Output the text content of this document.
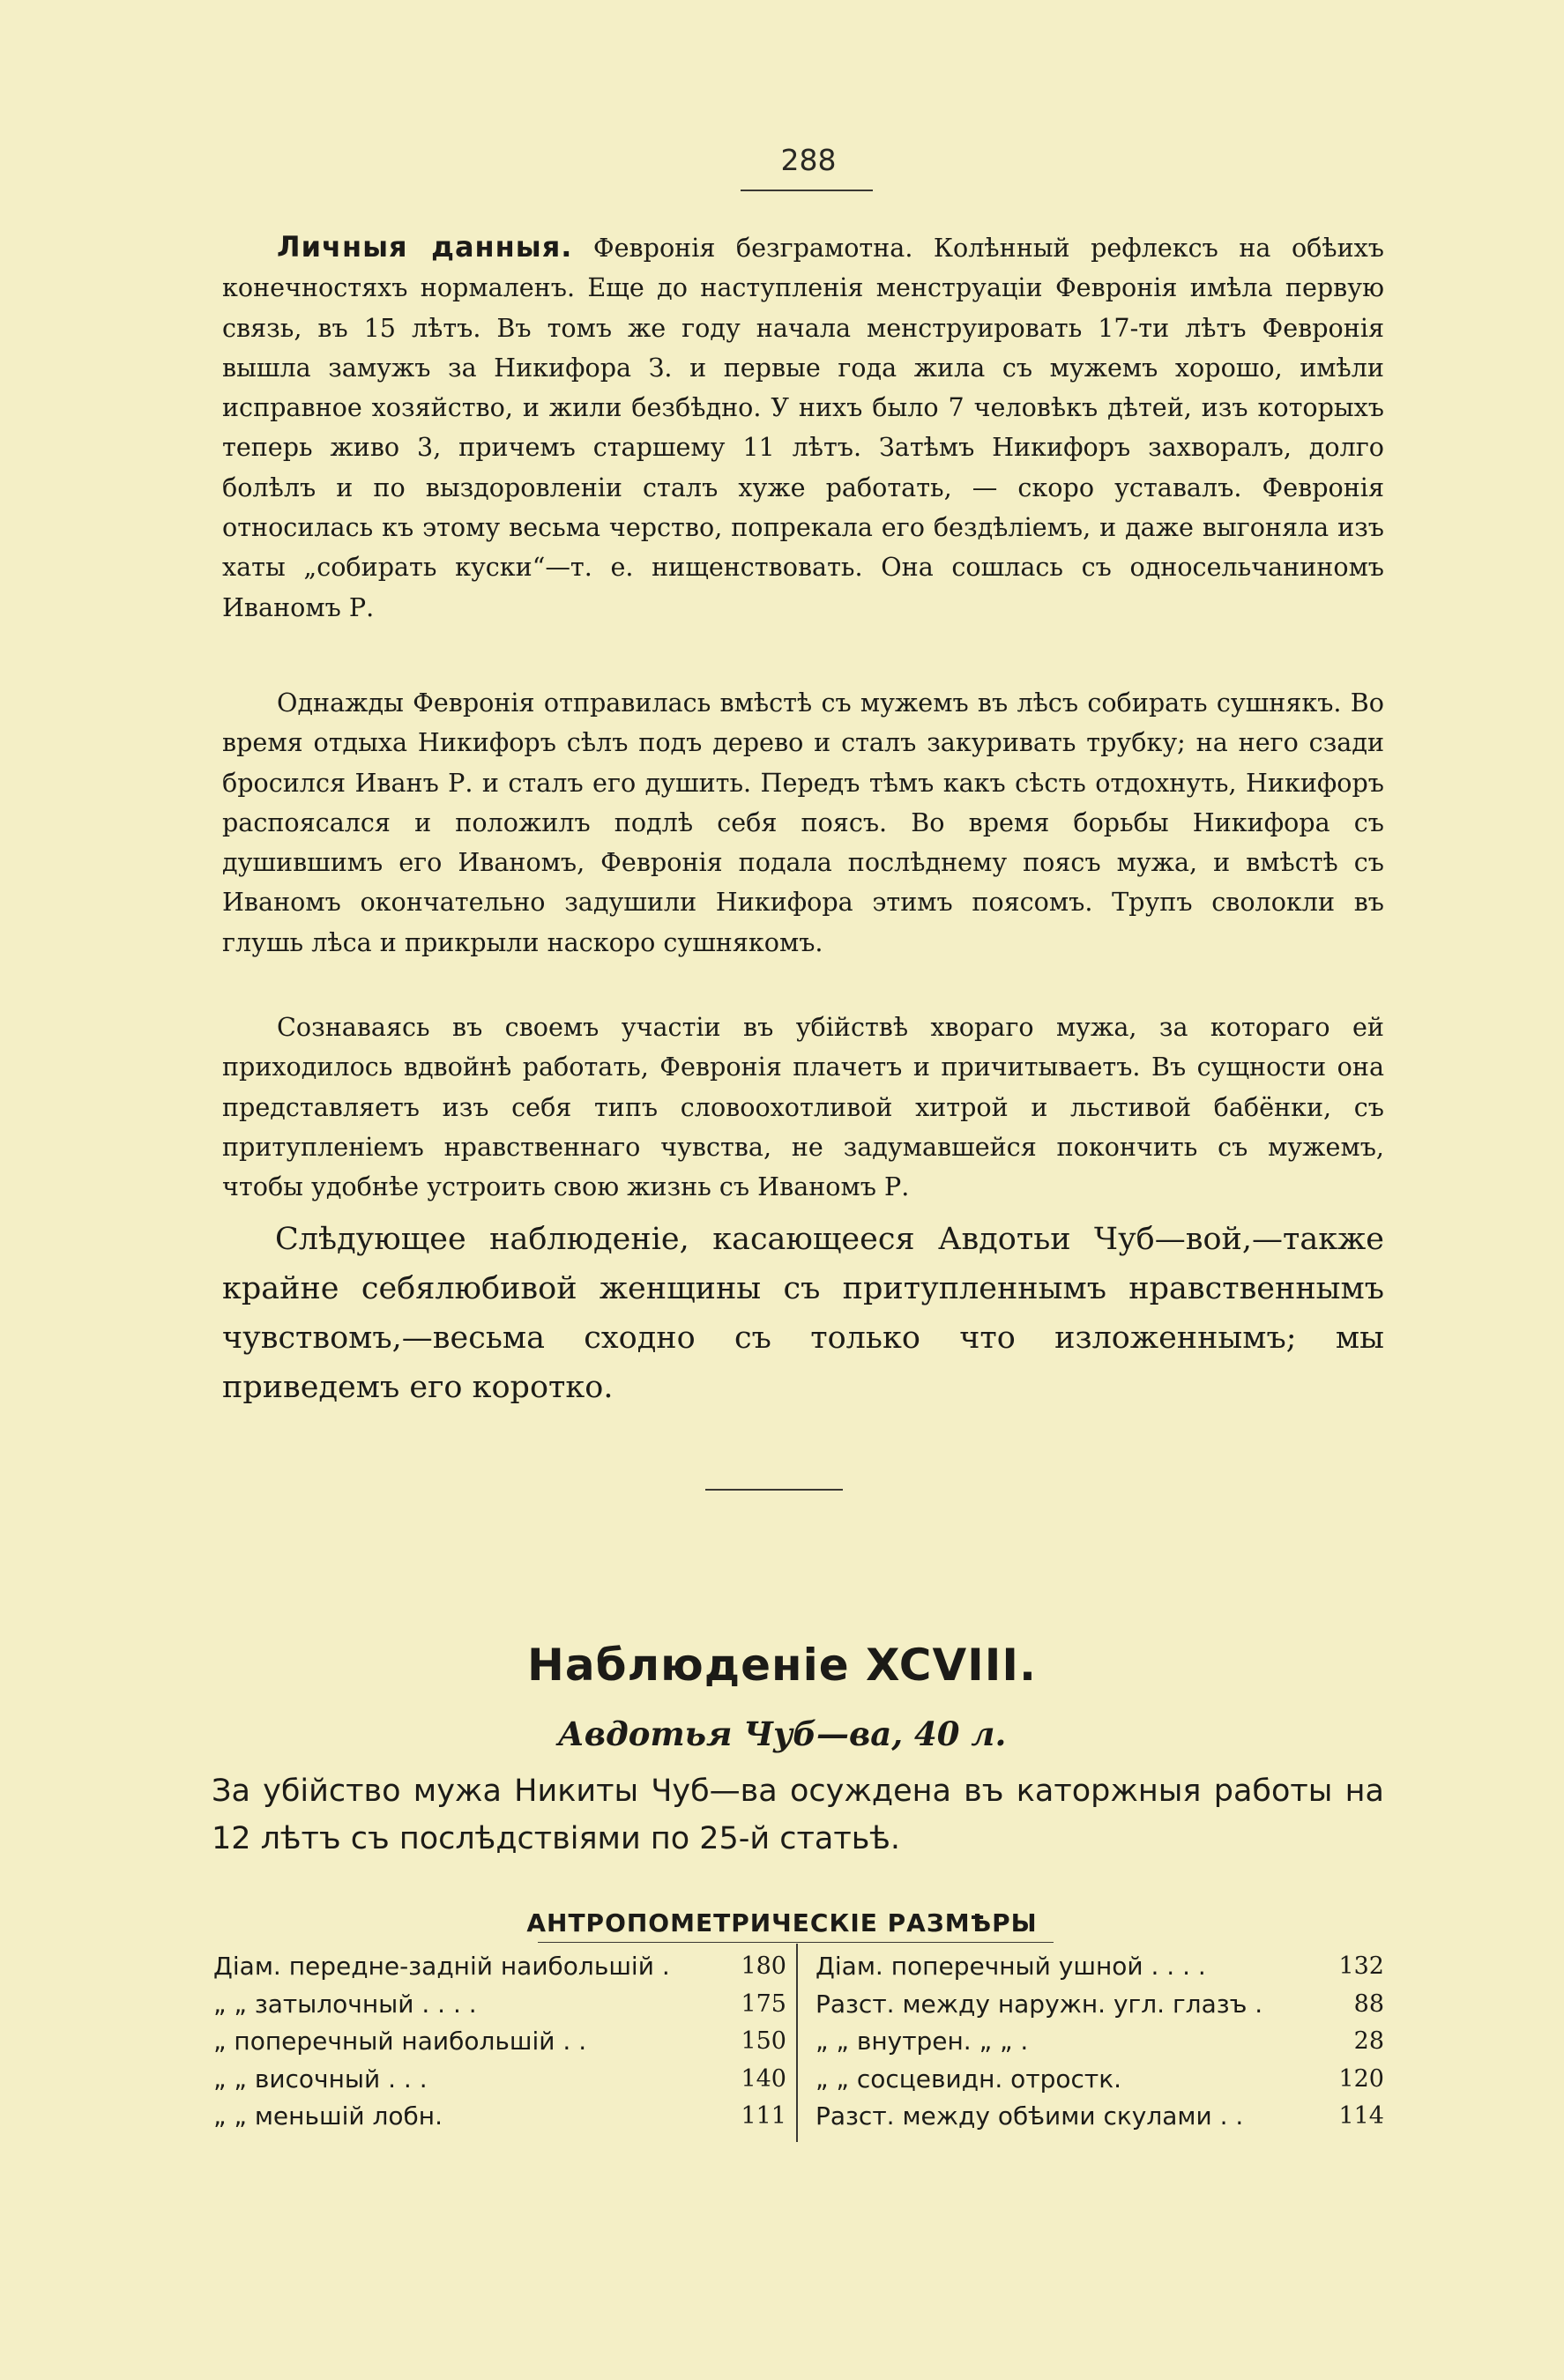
288

Личныя данныя. Февронія безграмотна. Колѣнный рефлексъ на обѣихъ конечностяхъ нормаленъ. Еще до наступленія менструаціи Февронія имѣла первую связь, въ 15 лѣтъ. Въ томъ же году начала менструировать 17-ти лѣтъ Февронія вышла замужъ за Никифора З. и первые года жила съ мужемъ хорошо, имѣли исправное хозяйство, и жили безбѣдно. У нихъ было 7 человѣкъ дѣтей, изъ которыхъ теперь живо 3, причемъ старшему 11 лѣтъ. Затѣмъ Никифоръ захворалъ, долго болѣлъ и по выздоровленіи сталъ хуже работать, — скоро уставалъ. Февронія относилась къ этому весьма черство, попрекала его бездѣліемъ, и даже выгоняла изъ хаты „собирать куски“—т. е. нищенствовать. Она сошлась съ односельчаниномъ Иваномъ Р.

Однажды Февронія отправилась вмѣстѣ съ мужемъ въ лѣсъ собирать сушнякъ. Во время отдыха Никифоръ сѣлъ подъ дерево и сталъ закуривать трубку; на него сзади бросился Иванъ Р. и сталъ его душить. Передъ тѣмъ какъ сѣсть отдохнуть, Никифоръ распоясался и положилъ подлѣ себя поясъ. Во время борьбы Никифора съ душившимъ его Иваномъ, Февронія подала послѣднему поясъ мужа, и вмѣстѣ съ Иваномъ окончательно задушили Никифора этимъ поясомъ. Трупъ сволокли въ глушь лѣса и прикрыли наскоро сушнякомъ.

Сознаваясь въ своемъ участіи въ убійствѣ хвораго мужа, за котораго ей приходилось вдвойнѣ работать, Февронія плачетъ и причитываетъ. Въ сущности она представляетъ изъ себя типъ словоохотливой хитрой и льстивой бабёнки, съ притупленіемъ нравственнаго чувства, не задумавшейся покончить съ мужемъ, чтобы удобнѣе устроить свою жизнь съ Иваномъ Р.

Слѣдующее наблюденіе, касающееся Авдотьи Чуб—вой,—также крайне себялюбивой женщины съ притупленнымъ нравственнымъ чувствомъ,—весьма сходно съ только что изложеннымъ; мы приведемъ его коротко.

Наблюденіе XCVIII.
Авдотья Чуб—ва, 40 л.

За убійство мужа Никиты Чуб—ва осуждена въ каторжныя работы на 12 лѣтъ съ послѣдствіями по 25-й статьѣ.

АНТРОПОМЕТРИЧЕСКІЕ РАЗМѢРЫ
Діам. передне-задній наибольшій .	180
„ „ затылочный . . . .	175
„ поперечный наибольшій . .	150
„ „ височный . . .	140
„ „ меньшій лобн.	111
Діам. поперечный ушной . . . .	132
Разст. между наружн. угл. глазъ .	88
„ „ внутрен. „ „ .	28
„ „ сосцевидн. отростк.	120
Разст. между обѣими скулами . .	114
